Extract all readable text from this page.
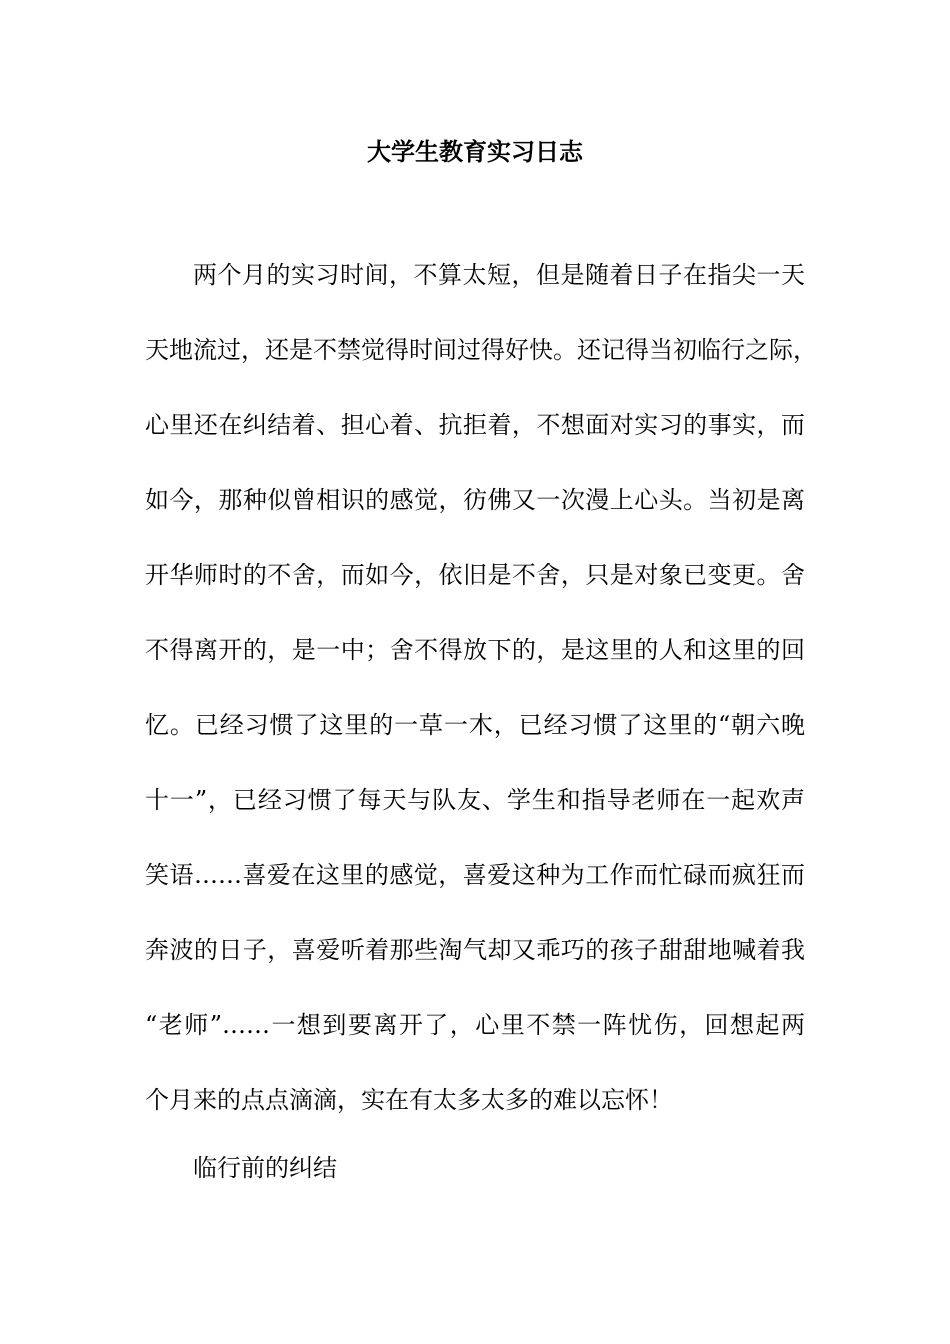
大学生教育实习日志
两个月的实习时间，不算太短，但是随着日子在指尖一天
天地流过，还是不禁觉得时间过得好快。还记得当初临行之际，
心里还在纠结着、担心着、抗拒着，不想面对实习的事实，而
如今，那种似曾相识的感觉，彷佛又一次漫上心头。当初是离
开华师时的不舍，而如今，依旧是不舍，只是对象已变更。舍
不得离开的，是一中；舍不得放下的，是这里的人和这里的回
忆。已经习惯了这里的一草一木，已经习惯了这里的“朝六晚
十一”，已经习惯了每天与队友、学生和指导老师在一起欢声
笑语……喜爱在这里的感觉，喜爱这种为工作而忙碌而疯狂而
奔波的日子，喜爱听着那些淘气却又乖巧的孩子甜甜地喊着我
“老师”……一想到要离开了，心里不禁一阵忧伤，回想起两
个月来的点点滴滴，实在有太多太多的难以忘怀！
临行前的纠结
